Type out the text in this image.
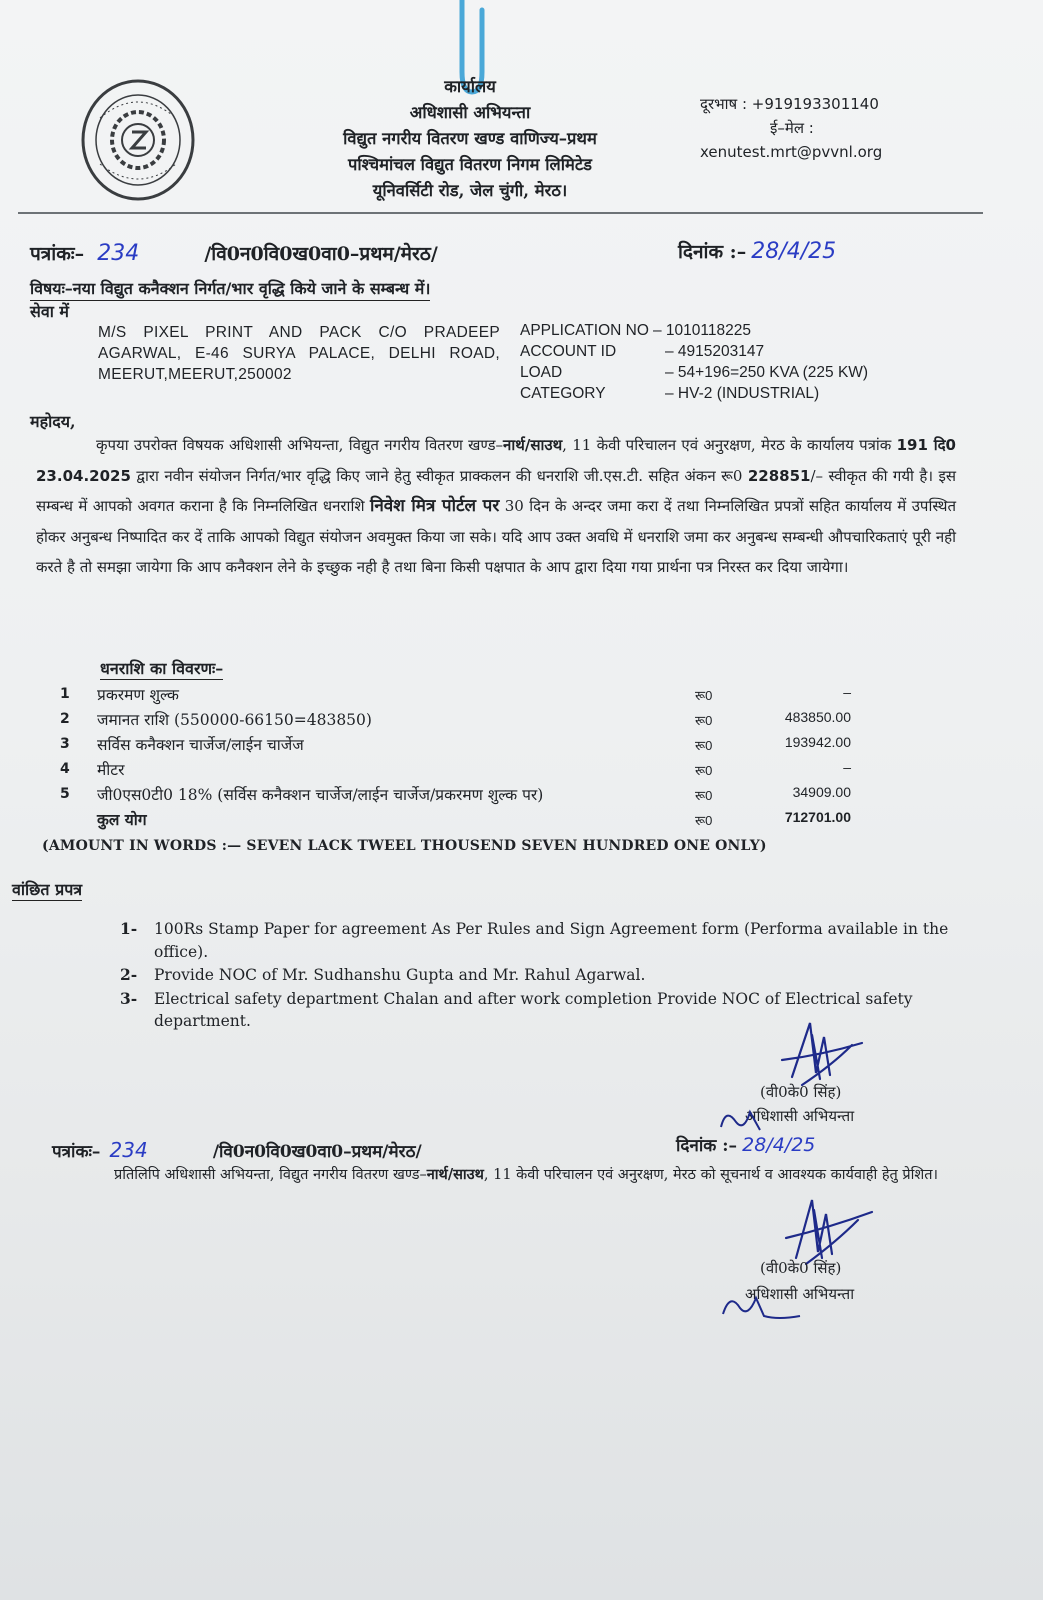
कार्यालय
अधिशासी अभियन्ता
विद्युत नगरीय वितरण खण्ड वाणिज्य–प्रथम
पश्चिमांचल विद्युत वितरण निगम लिमिटेड
यूनिवर्सिटी रोड, जेल चुंगी, मेरठ।
दूरभाष : +919193301140
ई–मेल :
xenutest.mrt@pvvnl.org
पत्रांकः– 234	/वि0न0वि0ख0वा0–प्रथम/मेरठ/	दिनांक :– 28/4/25
विषयः–नया विद्युत कनैक्शन निर्गत/भार वृद्धि किये जाने के सम्बन्ध में।
सेवा में
M/S PIXEL PRINT AND PACK C/O PRADEEP AGARWAL, E-46 SURYA PALACE, DELHI ROAD, MEERUT,MEERUT,250002
APPLICATION NO – 1010118225
ACCOUNT ID	– 4915203147
LOAD	– 54+196=250 KVA (225 KW)
CATEGORY	– HV-2 (INDUSTRIAL)
महोदय,
कृपया उपरोक्त विषयक अधिशासी अभियन्ता, विद्युत नगरीय वितरण खण्ड–नार्थ/साउथ, 11 केवी परिचालन एवं अनुरक्षण, मेरठ के कार्यालय पत्रांक 191 दि0 23.04.2025 द्वारा नवीन संयोजन निर्गत/भार वृद्धि किए जाने हेतु स्वीकृत प्राक्कलन की धनराशि जी.एस.टी. सहित अंकन रू0 228851/– स्वीकृत की गयी है। इस सम्बन्ध में आपको अवगत कराना है कि निम्नलिखित धनराशि निवेश मित्र पोर्टल पर 30 दिन के अन्दर जमा करा दें तथा निम्नलिखित प्रपत्रों सहित कार्यालय में उपस्थित होकर अनुबन्ध निष्पादित कर दें ताकि आपको विद्युत संयोजन अवमुक्त किया जा सके। यदि आप उक्त अवधि में धनराशि जमा कर अनुबन्ध सम्बन्धी औपचारिकताएं पूरी नही करते है तो समझा जायेगा कि आप कनैक्शन लेने के इच्छुक नही है तथा बिना किसी पक्षपात के आप द्वारा दिया गया प्रार्थना पत्र निरस्त कर दिया जायेगा।
धनराशि का विवरणः–
1 प्रकरमण शुल्क	रू0	–
2 जमानत राशि (550000-66150=483850)	रू0	483850.00
3 सर्विस कनैक्शन चार्जेज/लाईन चार्जेज	रू0	193942.00
4 मीटर	रू0	–
5 जी0एस0टी0 18% (सर्विस कनैक्शन चार्जेज/लाईन चार्जेज/प्रकरमण शुल्क पर)	रू0	34909.00
कुल योग	रू0	712701.00
(AMOUNT IN WORDS :— SEVEN LACK TWEEL THOUSEND SEVEN HUNDRED ONE ONLY)
वांछित प्रपत्र
1-	100Rs Stamp Paper for agreement As Per Rules and Sign Agreement form (Performa available in the office).
2-	Provide NOC of Mr. Sudhanshu Gupta and Mr. Rahul Agarwal.
3-	Electrical safety department Chalan and after work completion Provide NOC of Electrical safety department.
(वी0के0 सिंह)
अधिशासी अभियन्ता
पत्रांकः– 234	/वि0न0वि0ख0वा0–प्रथम/मेरठ/	दिनांक :– 28/4/25
प्रतिलिपि अधिशासी अभियन्ता, विद्युत नगरीय वितरण खण्ड–नार्थ/साउथ, 11 केवी परिचालन एवं अनुरक्षण, मेरठ को सूचनार्थ व आवश्यक कार्यवाही हेतु प्रेशित।
(वी0के0 सिंह)
अधिशासी अभियन्ता
